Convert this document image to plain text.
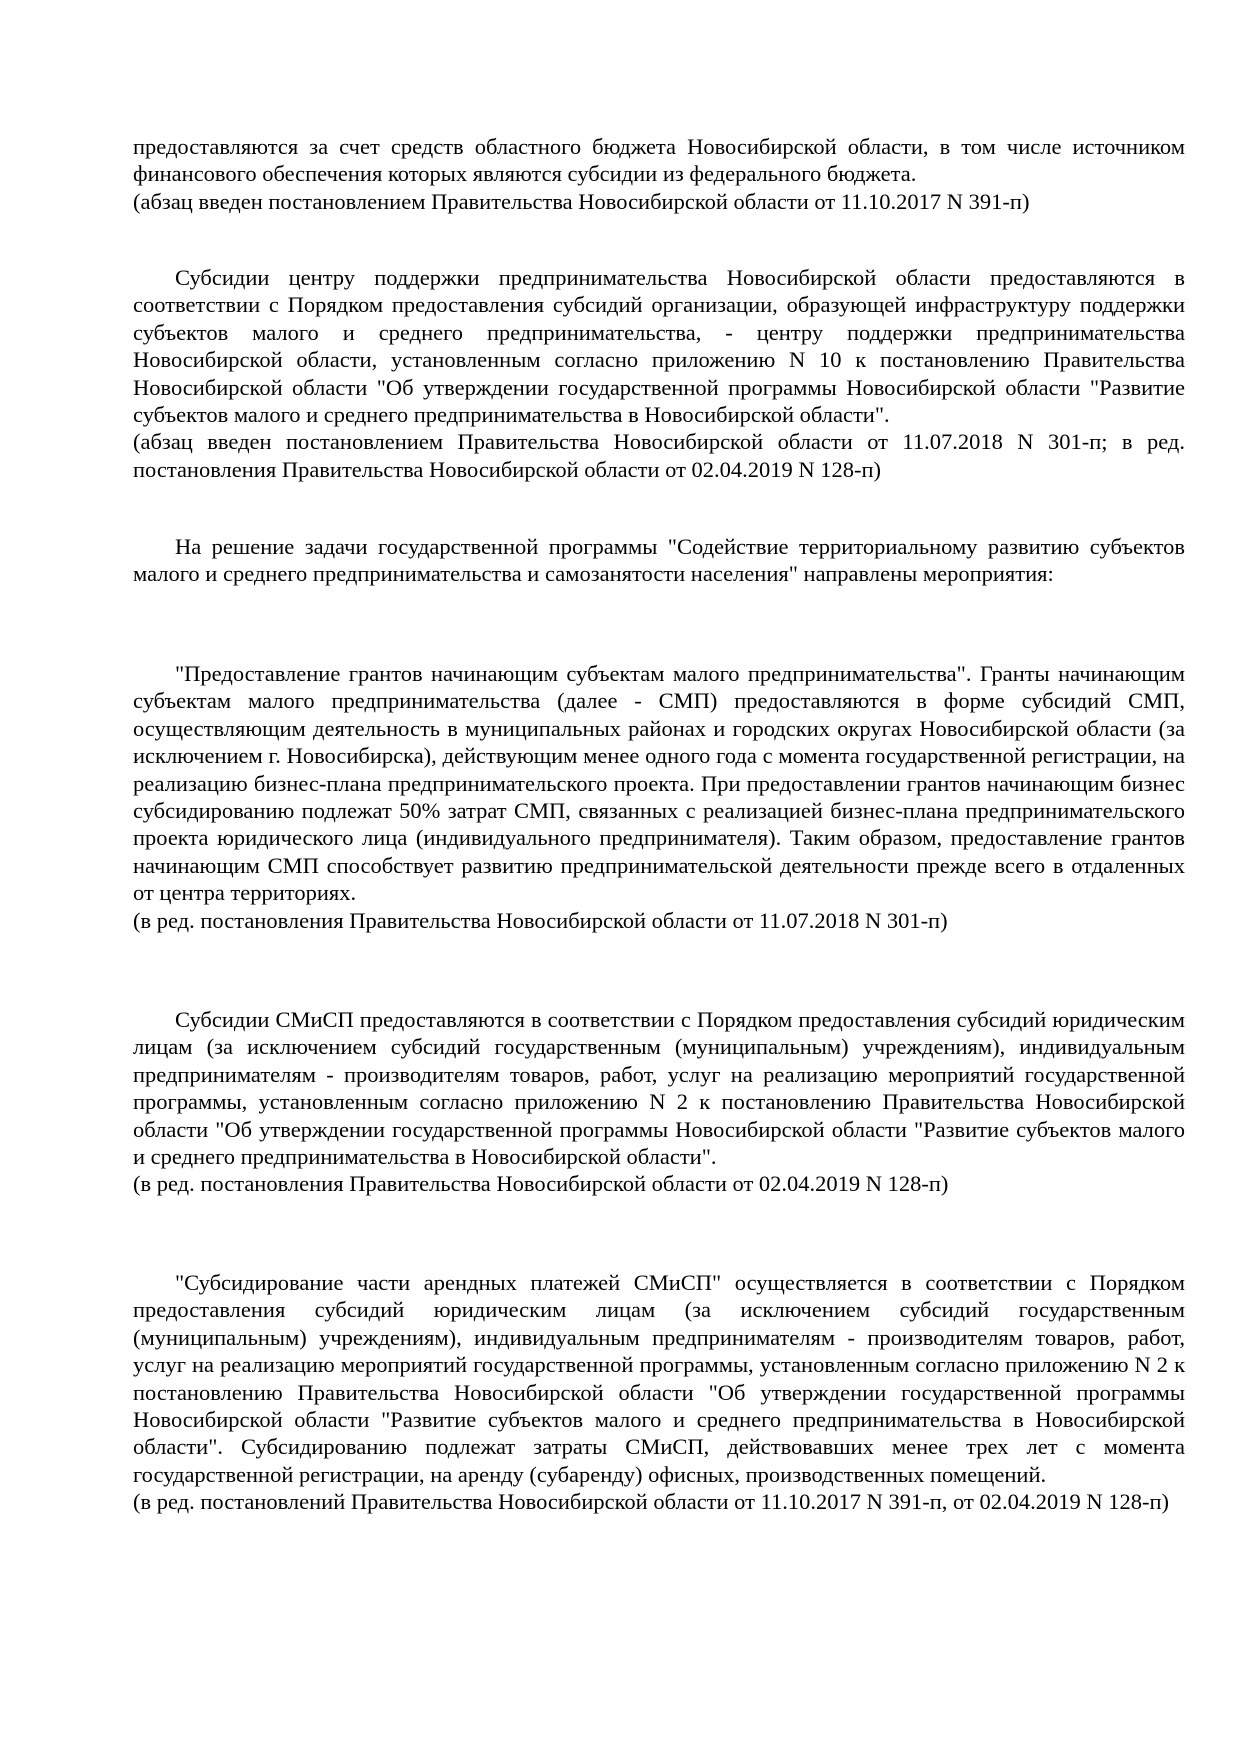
предоставляются за счет средств областного бюджета Новосибирской области, в том числе источником финансового обеспечения которых являются субсидии из федерального бюджета.

(абзац введен постановлением Правительства Новосибирской области от 11.10.2017 N 391-п)

Субсидии центру поддержки предпринимательства Новосибирской области предоставляются в соответствии с Порядком предоставления субсидий организации, образующей инфраструктуру поддержки субъектов малого и среднего предпринимательства, - центру поддержки предпринимательства Новосибирской области, установленным согласно приложению N 10 к постановлению Правительства Новосибирской области "Об утверждении государственной программы Новосибирской области "Развитие субъектов малого и среднего предпринимательства в Новосибирской области".

(абзац введен постановлением Правительства Новосибирской области от 11.07.2018 N 301-п; в ред. постановления Правительства Новосибирской области от 02.04.2019 N 128-п)

На решение задачи государственной программы "Содействие территориальному развитию субъектов малого и среднего предпринимательства и самозанятости населения" направлены мероприятия:

"Предоставление грантов начинающим субъектам малого предпринимательства". Гранты начинающим субъектам малого предпринимательства (далее - СМП) предоставляются в форме субсидий СМП, осуществляющим деятельность в муниципальных районах и городских округах Новосибирской области (за исключением г. Новосибирска), действующим менее одного года с момента государственной регистрации, на реализацию бизнес-плана предпринимательского проекта. При предоставлении грантов начинающим бизнес субсидированию подлежат 50% затрат СМП, связанных с реализацией бизнес-плана предпринимательского проекта юридического лица (индивидуального предпринимателя). Таким образом, предоставление грантов начинающим СМП способствует развитию предпринимательской деятельности прежде всего в отдаленных от центра территориях.

(в ред. постановления Правительства Новосибирской области от 11.07.2018 N 301-п)

Субсидии СМиСП предоставляются в соответствии с Порядком предоставления субсидий юридическим лицам (за исключением субсидий государственным (муниципальным) учреждениям), индивидуальным предпринимателям - производителям товаров, работ, услуг на реализацию мероприятий государственной программы, установленным согласно приложению N 2 к постановлению Правительства Новосибирской области "Об утверждении государственной программы Новосибирской области "Развитие субъектов малого и среднего предпринимательства в Новосибирской области".

(в ред. постановления Правительства Новосибирской области от 02.04.2019 N 128-п)

"Субсидирование части арендных платежей СМиСП" осуществляется в соответствии с Порядком предоставления субсидий юридическим лицам (за исключением субсидий государственным (муниципальным) учреждениям), индивидуальным предпринимателям - производителям товаров, работ, услуг на реализацию мероприятий государственной программы, установленным согласно приложению N 2 к постановлению Правительства Новосибирской области "Об утверждении государственной программы Новосибирской области "Развитие субъектов малого и среднего предпринимательства в Новосибирской области". Субсидированию подлежат затраты СМиСП, действовавших менее трех лет с момента государственной регистрации, на аренду (субаренду) офисных, производственных помещений.

(в ред. постановлений Правительства Новосибирской области от 11.10.2017 N 391-п, от 02.04.2019 N 128-п)
